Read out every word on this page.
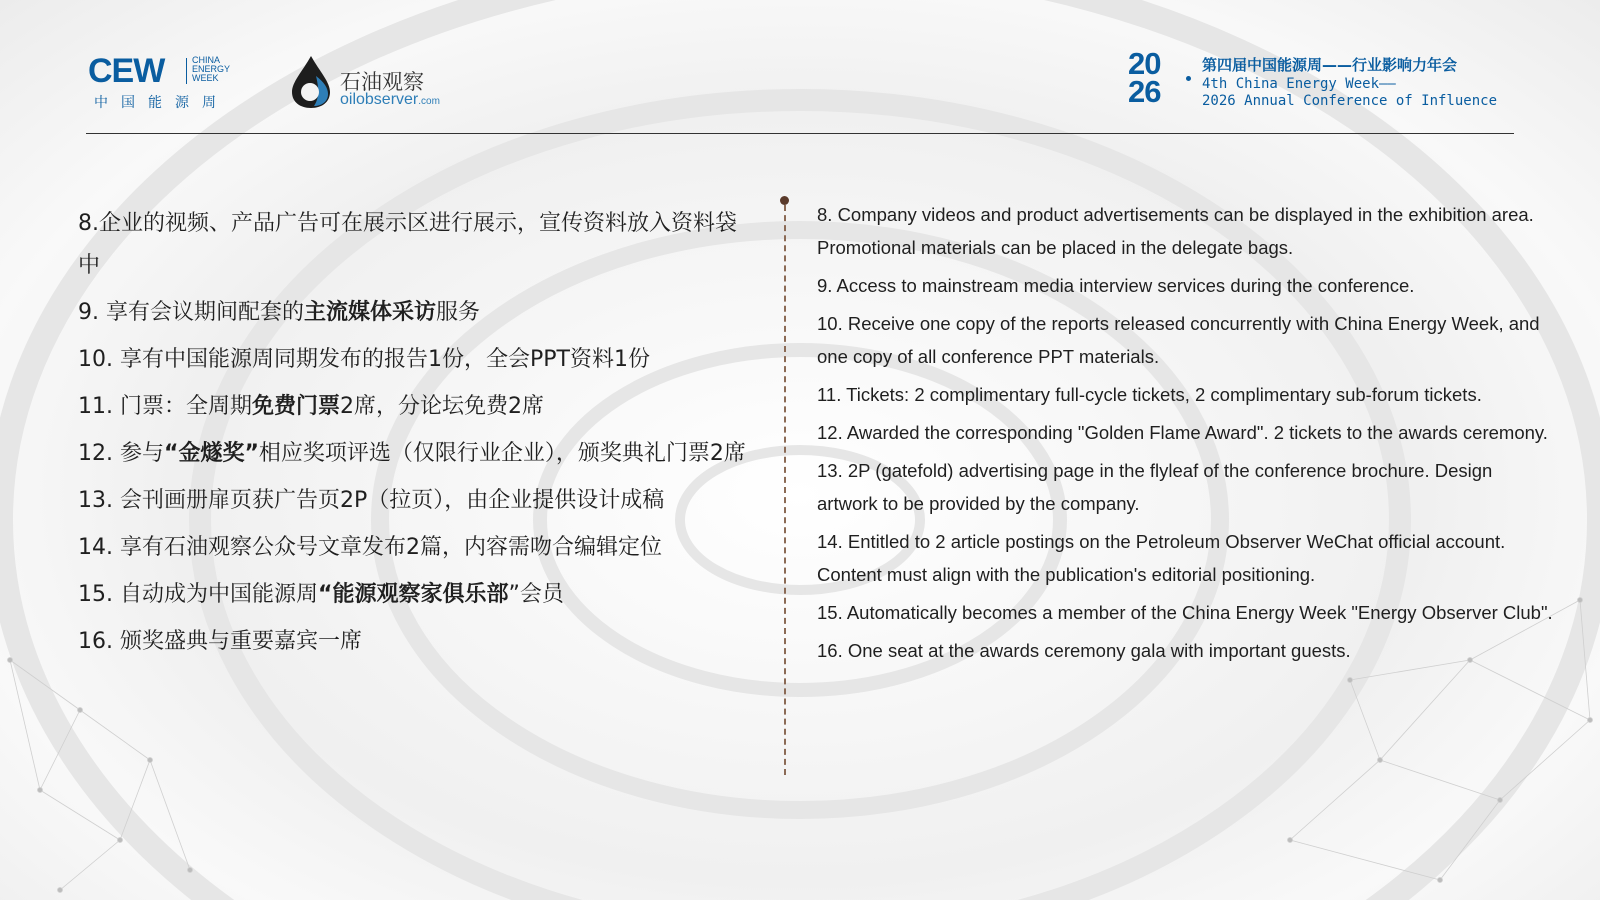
CEW	CHINA
ENERGY
WEEK
中国能源周
石油观察
oilobserver.com
20
26
第四届中国能源周——行业影响力年会
4th China Energy Week——
2026 Annual Conference of Influence

8.企业的视频、产品广告可在展示区进行展示，宣传资料放入资料袋中

9. 享有会议期间配套的主流媒体采访服务

10. 享有中国能源周同期发布的报告1份，全会PPT资料1份

11. 门票：全周期免费门票2席，分论坛免费2席

12. 参与“金燧奖”相应奖项评选（仅限行业企业），颁奖典礼门票2席

13. 会刊画册扉页获广告页2P（拉页），由企业提供设计成稿

14. 享有石油观察公众号文章发布2篇，内容需吻合编辑定位

15. 自动成为中国能源周“能源观察家俱乐部”会员

16. 颁奖盛典与重要嘉宾一席

8. Company videos and product advertisements can be displayed in the exhibition area. Promotional materials can be placed in the delegate bags.

9. Access to mainstream media interview services during the conference.

10. Receive one copy of the reports released concurrently with China Energy Week, and one copy of all conference PPT materials.

11. Tickets: 2 complimentary full-cycle tickets, 2 complimentary sub-forum tickets.

12. Awarded the corresponding "Golden Flame Award". 2 tickets to the awards ceremony.

13. 2P (gatefold) advertising page in the flyleaf of the conference brochure. Design artwork to be provided by the company.

14. Entitled to 2 article postings on the Petroleum Observer WeChat official account. Content must align with the publication's editorial positioning.

15. Automatically becomes a member of the China Energy Week "Energy Observer Club".

16. One seat at the awards ceremony gala with important guests.
